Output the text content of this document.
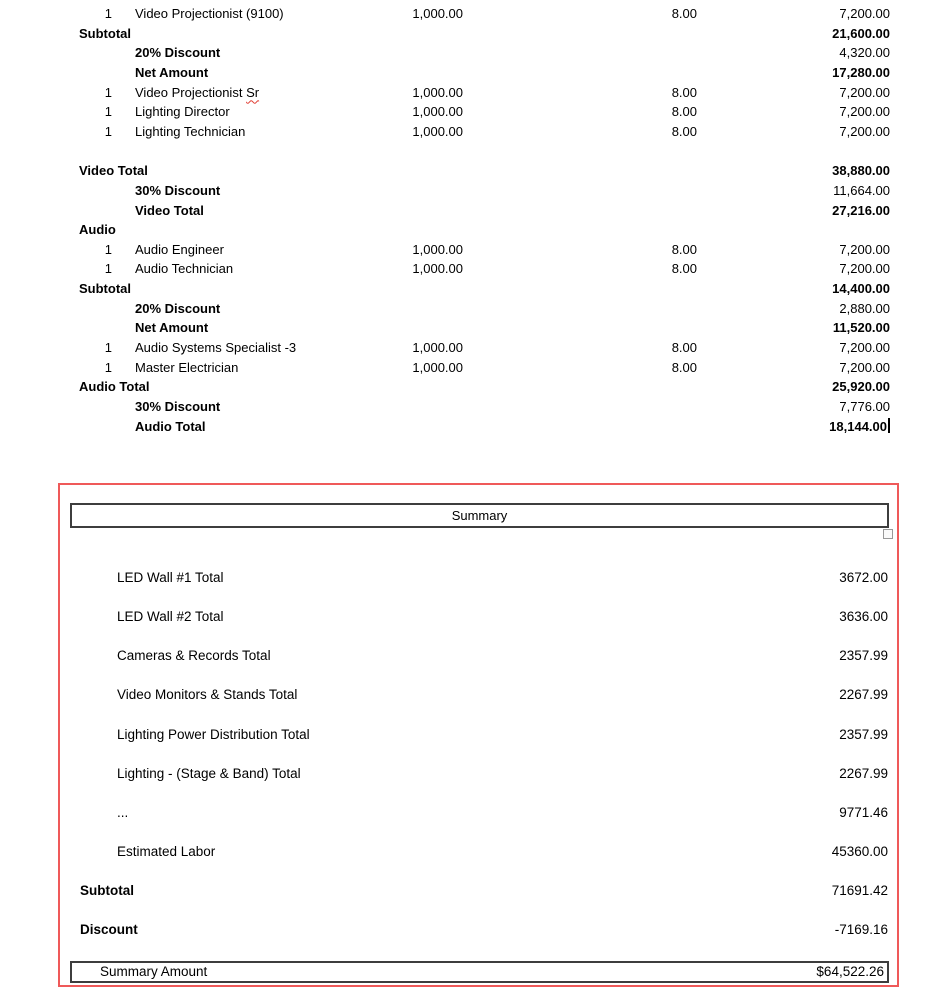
1 Video Projectionist (9100)	1,000.00	8.00	7,200.00
Subtotal	21,600.00
20% Discount	4,320.00
Net Amount	17,280.00
1 Video Projectionist Sr	1,000.00	8.00	7,200.00
1 Lighting Director	1,000.00	8.00	7,200.00
1 Lighting Technician	1,000.00	8.00	7,200.00
Video Total	38,880.00
30% Discount	11,664.00
Video Total	27,216.00
Audio
1 Audio Engineer	1,000.00	8.00	7,200.00
1 Audio Technician	1,000.00	8.00	7,200.00
Subtotal	14,400.00
20% Discount	2,880.00
Net Amount	11,520.00
1 Audio Systems Specialist -3	1,000.00	8.00	7,200.00
1 Master Electrician	1,000.00	8.00	7,200.00
Audio Total	25,920.00
30% Discount	7,776.00
Audio Total	18,144.00
Summary
LED Wall #1 Total	3672.00
LED Wall #2 Total	3636.00
Cameras & Records Total	2357.99
Video Monitors & Stands Total	2267.99
Lighting Power Distribution Total	2357.99
Lighting - (Stage & Band) Total	2267.99
...	9771.46
Estimated Labor	45360.00
Subtotal	71691.42
Discount	-7169.16
Summary Amount	$64,522.26
